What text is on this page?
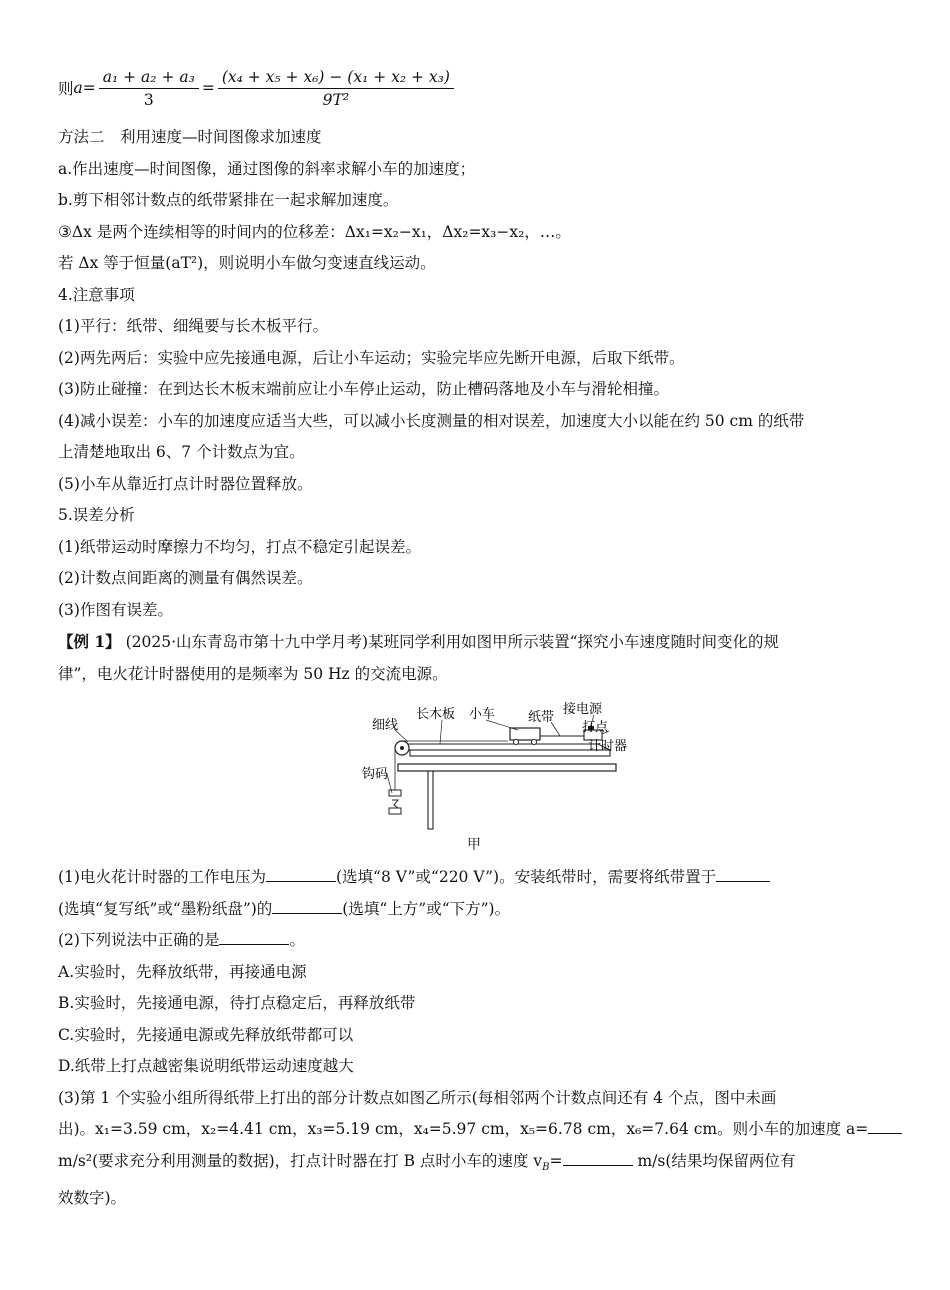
则 $a = \frac{\text{a₁ + a₂ + a₃}}{3} = \frac{\text{(x₄ + x₅ + x₆) − (x₁ + x₂ + x₃)}}{\text{9T²}}$
方法二　利用速度—时间图像求加速度
a.作出速度—时间图像，通过图像的斜率求解小车的加速度；
b.剪下相邻计数点的纸带紧排在一起求解加速度。
③Δx 是两个连续相等的时间内的位移差：Δx₁=x₂−x₁，Δx₂=x₃−x₂，…。
若 Δx 等于恒量(aT²)，则说明小车做匀变速直线运动。
4.注意事项
(1)平行：纸带、细绳要与长木板平行。
(2)两先两后：实验中应先接通电源，后让小车运动；实验完毕应先断开电源，后取下纸带。
(3)防止碰撞：在到达长木板末端前应让小车停止运动，防止槽码落地及小车与滑轮相撞。
(4)减小误差：小车的加速度应适当大些，可以减小长度测量的相对误差，加速度大小以能在约 50 cm 的纸带
上清楚地取出 6、7 个计数点为宜。
(5)小车从靠近打点计时器位置释放。
5.误差分析
(1)纸带运动时摩擦力不均匀，打点不稳定引起误差。
(2)计数点间距离的测量有偶然误差。
(3)作图有误差。
【例 1】 (2025·山东青岛市第十九中学月考)某班同学利用如图甲所示装置“探究小车速度随时间变化的规
律”，电火花计时器使用的是频率为 50 Hz 的交流电源。
长木板 小车	纸带
接电源
细线	打点
计时器
钩码
甲
(1)电火花计时器的工作电压为	(选填“8 V”或“220 V”)。安装纸带时，需要将纸带置于
(选填“复写纸”或“墨粉纸盘”)的	(选填“上方”或“下方”)。
(2)下列说法中正确的是	。
A.实验时，先释放纸带，再接通电源
B.实验时，先接通电源，待打点稳定后，再释放纸带
C.实验时，先接通电源或先释放纸带都可以
D.纸带上打点越密集说明纸带运动速度越大
(3)第 1 个实验小组所得纸带上打出的部分计数点如图乙所示(每相邻两个计数点间还有 4 个点，图中未画
出)。x₁=3.59 cm，x₂=4.41 cm，x₃=5.19 cm，x₄=5.97 cm，x₅=6.78 cm，x₆=7.64 cm。则小车的加速度 a=
m/s²(要求充分利用测量的数据)，打点计时器在打 B 点时小车的速度 $v_B=$	m/s(结果均保留两位有
效数字)。
